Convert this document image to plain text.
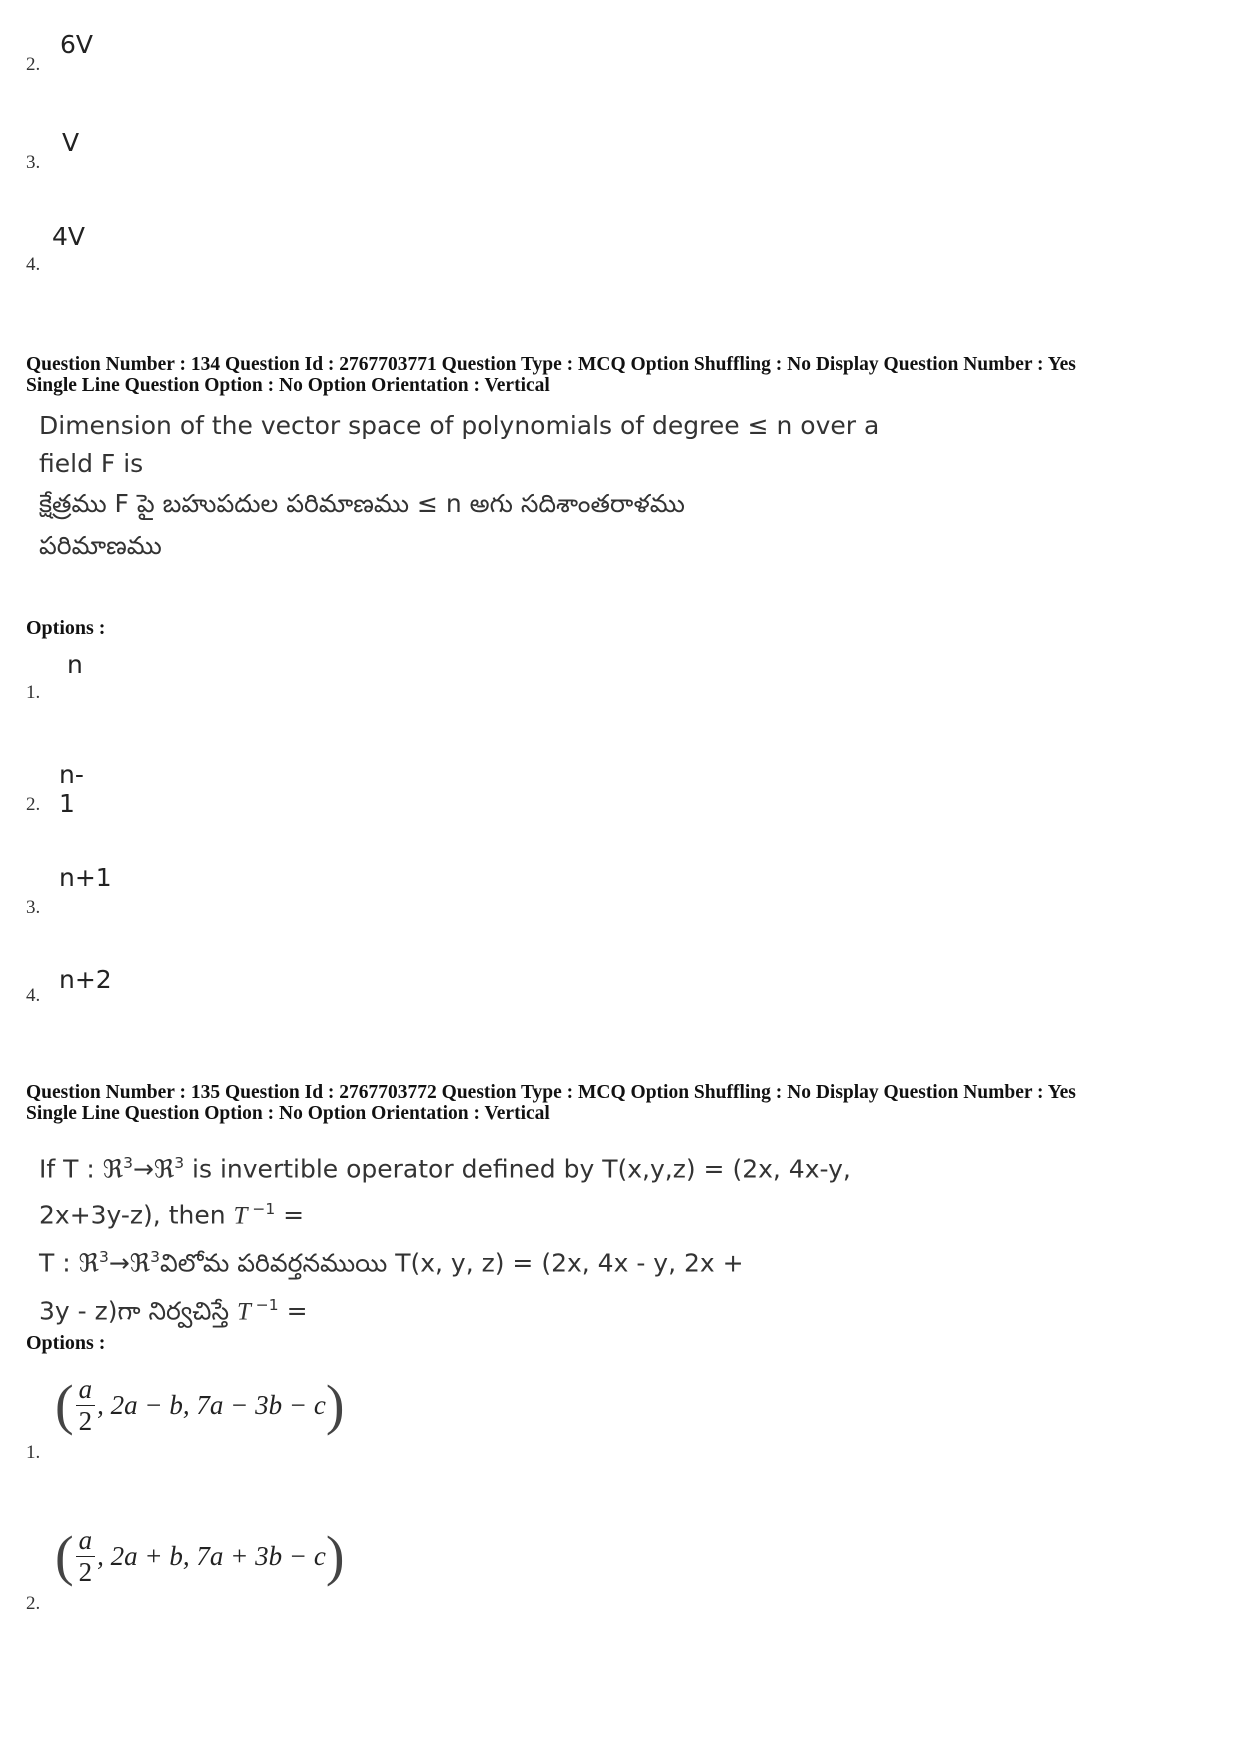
2.
6V
3.
V
4.
4V
Question Number : 134 Question Id : 2767703771 Question Type : MCQ Option Shuffling : No Display Question Number : Yes
Single Line Question Option : No Option Orientation : Vertical
Dimension of the vector space of polynomials of degree ≤ n over a
field F is
క్షేత్రము F పై బహుపదుల పరిమాణము ≤ n అగు సదిశాంతరాళము
పరిమాణము
Options :
1.
n
2.
n-1
3.
n+1
4.
n+2
Question Number : 135 Question Id : 2767703772 Question Type : MCQ Option Shuffling : No Display Question Number : Yes
Single Line Question Option : No Option Orientation : Vertical
If T : ℜ$^3$→ℜ$^3$ is invertible operator defined by T(x,y,z) = (2x, 4x-y,
2x+3y-z), then T $^{-1}$ =
T : ℜ$^3$→ℜ$^3$విలోమ పరివర్తనముయి T(x, y, z) = (2x, 4x - y, 2x +
3y - z)గా నిర్వచిస్తే T $^{-1}$ =
Options :
1.
( $\frac{a}{2}$ , 2a − b, 7a − 3b − c)
2.
( $\frac{a}{2}$ , 2a + b, 7a + 3b − c)
